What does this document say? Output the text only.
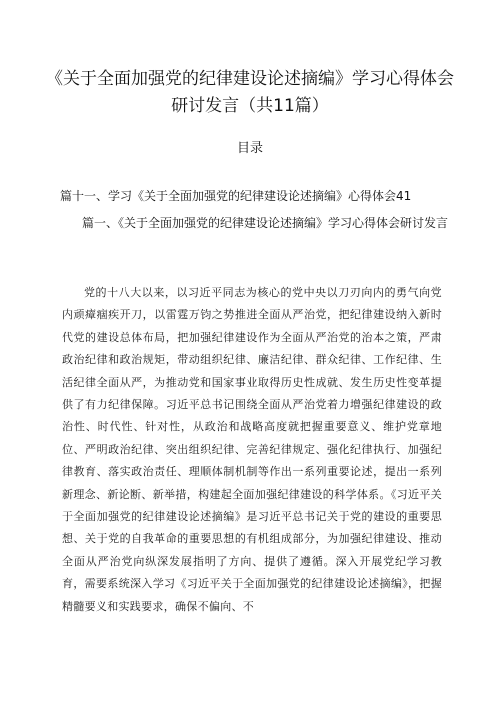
《关于全面加强党的纪律建设论述摘编》学习心得体会研讨发言（共11篇）
目录
篇十一、学习《关于全面加强党的纪律建设论述摘编》心得体会41
篇一、《关于全面加强党的纪律建设论述摘编》学习心得体会研讨发言

党的十八大以来，以习近平同志为核心的党中央以刀刃向内的勇气向党内顽瘴痼疾开刀，以雷霆万钧之势推进全面从严治党，把纪律建设纳入新时代党的建设总体布局，把加强纪律建设作为全面从严治党的治本之策，严肃政治纪律和政治规矩，带动组织纪律、廉洁纪律、群众纪律、工作纪律、生活纪律全面从严，为推动党和国家事业取得历史性成就、发生历史性变革提供了有力纪律保障。习近平总书记围绕全面从严治党着力增强纪律建设的政治性、时代性、针对性，从政治和战略高度就把握重要意义、维护党章地位、严明政治纪律、突出组织纪律、完善纪律规定、强化纪律执行、加强纪律教育、落实政治责任、理顺体制机制等作出一系列重要论述，提出一系列新理念、新论断、新举措，构建起全面加强纪律建设的科学体系。《习近平关于全面加强党的纪律建设论述摘编》是习近平总书记关于党的建设的重要思想、关于党的自我革命的重要思想的有机组成部分，为加强纪律建设、推动全面从严治党向纵深发展指明了方向、提供了遵循。深入开展党纪学习教育，需要系统深入学习《习近平关于全面加强党的纪律建设论述摘编》，把握精髓要义和实践要求，确保不偏向、不
